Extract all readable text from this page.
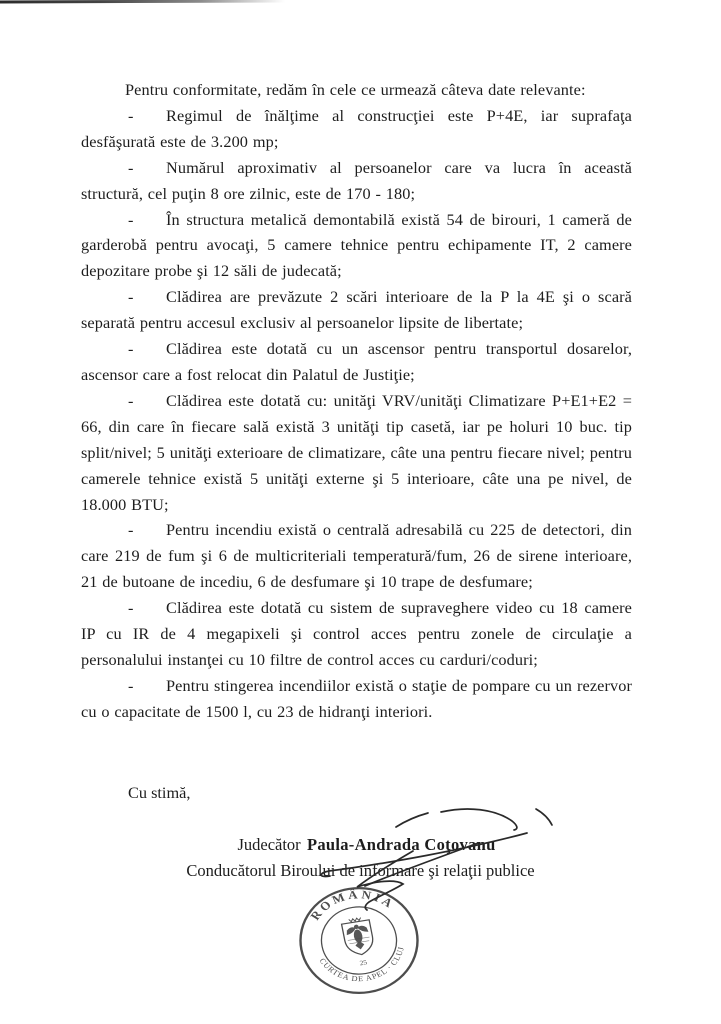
Pentru conformitate, redăm în cele ce urmează câteva date relevante:

- Regimul de înălţime al construcţiei este P+4E, iar suprafaţa desfăşurată este de 3.200 mp;

- Numărul aproximativ al persoanelor care va lucra în această structură, cel puţin 8 ore zilnic, este de 170 - 180;

- În structura metalică demontabilă există 54 de birouri, 1 cameră de garderobă pentru avocaţi, 5 camere tehnice pentru echipamente IT, 2 camere depozitare probe şi 12 săli de judecată;

- Clădirea are prevăzute 2 scări interioare de la P la 4E şi o scară separată pentru accesul exclusiv al persoanelor lipsite de libertate;

- Clădirea este dotată cu un ascensor pentru transportul dosarelor, ascensor care a fost relocat din Palatul de Justiţie;

- Clădirea este dotată cu: unităţi VRV/unităţi Climatizare P+E1+E2 = 66, din care în fiecare sală există 3 unităţi tip casetă, iar pe holuri 10 buc. tip split/nivel; 5 unităţi exterioare de climatizare, câte una pentru fiecare nivel; pentru camerele tehnice există 5 unităţi externe şi 5 interioare, câte una pe nivel, de 18.000 BTU;

- Pentru incendiu există o centrală adresabilă cu 225 de detectori, din care 219 de fum şi 6 de multicriteriali temperatură/fum, 26 de sirene interioare, 21 de butoane de incediu, 6 de desfumare şi 10 trape de desfumare;

- Clădirea este dotată cu sistem de supraveghere video cu 18 camere IP cu IR de 4 megapixeli şi control acces pentru zonele de circulaţie a personalului instanţei cu 10 filtre de control acces cu carduri/coduri;

- Pentru stingerea incendiilor există o staţie de pompare cu un rezervor cu o capacitate de 1500 l, cu 23 de hidranţi interiori.

Cu stimă,

Judecător Paula-Andrada Coţovanu

Conducătorul Biroului de informare şi relaţii publice

ROMÂNIA
CURTEA DE APEL · CLUJ
25
